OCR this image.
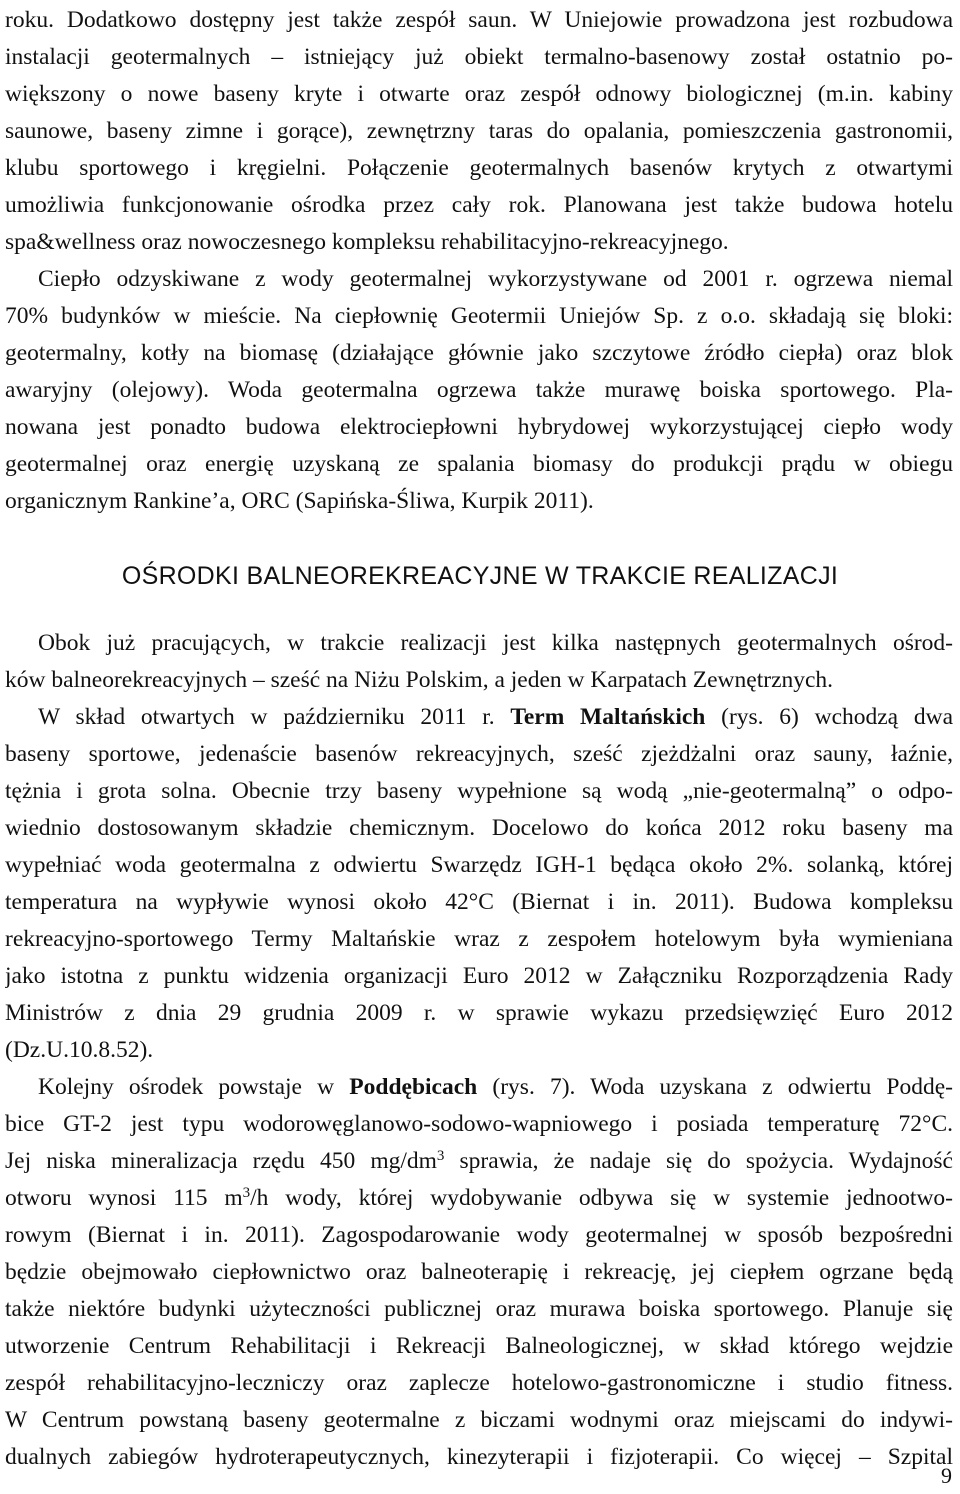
roku. Dodatkowo dostępny jest także zespół saun. W Uniejowie prowadzona jest rozbudowa
instalacji geotermalnych – istniejący już obiekt termalno-basenowy został ostatnio po-
większony o nowe baseny kryte i otwarte oraz zespół odnowy biologicznej (m.in. kabiny
saunowe, baseny zimne i gorące), zewnętrzny taras do opalania, pomieszczenia gastronomii,
klubu sportowego i kręgielni. Połączenie geotermalnych basenów krytych z otwartymi
umożliwia funkcjonowanie ośrodka przez cały rok. Planowana jest także budowa hotelu
spa&wellness oraz nowoczesnego kompleksu rehabilitacyjno-rekreacyjnego.
Ciepło odzyskiwane z wody geotermalnej wykorzystywane od 2001 r. ogrzewa niemal
70% budynków w mieście. Na ciepłownię Geotermii Uniejów Sp. z o.o. składają się bloki:
geotermalny, kotły na biomasę (działające głównie jako szczytowe źródło ciepła) oraz blok
awaryjny (olejowy). Woda geotermalna ogrzewa także murawę boiska sportowego. Pla-
nowana jest ponadto budowa elektrociepłowni hybrydowej wykorzystującej ciepło wody
geotermalnej oraz energię uzyskaną ze spalania biomasy do produkcji prądu w obiegu
organicznym Rankine’a, ORC (Sapińska-Śliwa, Kurpik 2011).
OŚRODKI BALNEOREKREACYJNE W TRAKCIE REALIZACJI
Obok już pracujących, w trakcie realizacji jest kilka następnych geotermalnych ośrod-
ków balneorekreacyjnych – sześć na Niżu Polskim, a jeden w Karpatach Zewnętrznych.
W skład otwartych w październiku 2011 r. Term Maltańskich (rys. 6) wchodzą dwa
baseny sportowe, jedenaście basenów rekreacyjnych, sześć zjeżdżalni oraz sauny, łaźnie,
tężnia i grota solna. Obecnie trzy baseny wypełnione są wodą „nie-geotermalną” o odpo-
wiednio dostosowanym składzie chemicznym. Docelowo do końca 2012 roku baseny ma
wypełniać woda geotermalna z odwiertu Swarzędz IGH-1 będąca około 2%. solanką, której
temperatura na wypływie wynosi około 42°C (Biernat i in. 2011). Budowa kompleksu
rekreacyjno-sportowego Termy Maltańskie wraz z zespołem hotelowym była wymieniana
jako istotna z punktu widzenia organizacji Euro 2012 w Załączniku Rozporządzenia Rady
Ministrów z dnia 29 grudnia 2009 r. w sprawie wykazu przedsięwzięć Euro 2012
(Dz.U.10.8.52).
Kolejny ośrodek powstaje w Poddębicach (rys. 7). Woda uzyskana z odwiertu Poddę-
bice GT-2 jest typu wodorowęglanowo-sodowo-wapniowego i posiada temperaturę 72°C.
Jej niska mineralizacja rzędu 450 $mg/dm^3$ sprawia, że nadaje się do spożycia. Wydajność
otworu wynosi 115 $m^3/h$ wody, której wydobywanie odbywa się w systemie jednootwo-
rowym (Biernat i in. 2011). Zagospodarowanie wody geotermalnej w sposób bezpośredni
będzie obejmowało ciepłownictwo oraz balneoterapię i rekreację, jej ciepłem ogrzane będą
także niektóre budynki użyteczności publicznej oraz murawa boiska sportowego. Planuje się
utworzenie Centrum Rehabilitacji i Rekreacji Balneologicznej, w skład którego wejdzie
zespół rehabilitacyjno-leczniczy oraz zaplecze hotelowo-gastronomiczne i studio fitness.
W Centrum powstaną baseny geotermalne z biczami wodnymi oraz miejscami do indywi-
dualnych zabiegów hydroterapeutycznych, kinezyterapii i fizjoterapii. Co więcej – Szpital
9
